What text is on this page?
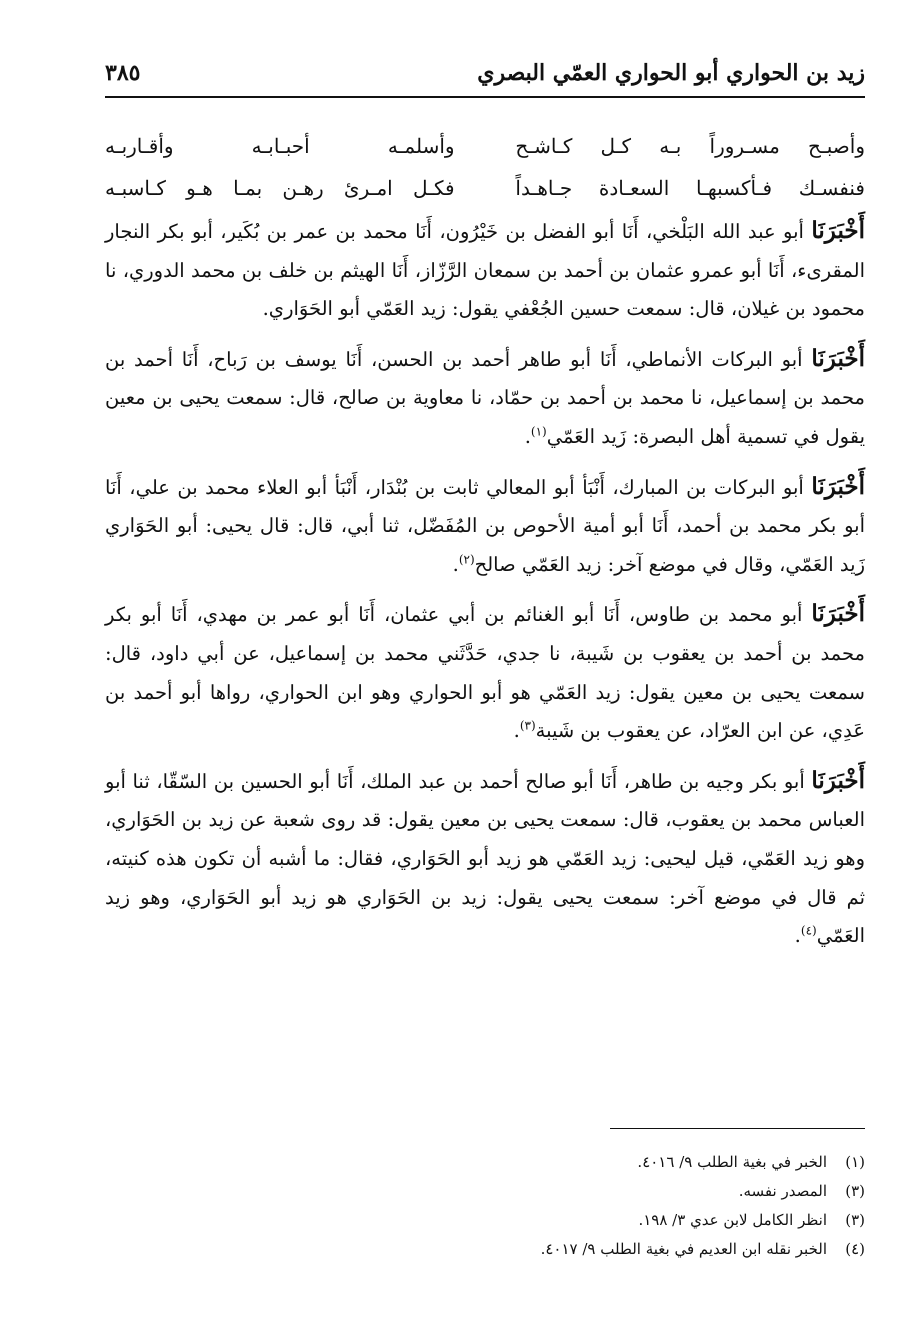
زيد بن الحواري أبو الحواري العمّي البصري
٣٨٥
وأصبـح مسـروراً بـه كـل كـاشـح
وأسلمـه أحبـابـه وأقـاربـه
فنفسـك فـأكسبهـا السعـادة جـاهـداً
فكـل امـرئ رهـن بمـا هـو كـاسبـه

أَخْبَرَنَا أبو عبد الله البَلْخي، أَنَا أبو الفضل بن خَيْرُون، أَنَا محمد بن عمر بن بُكَير، أبو بكر النجار المقرىء، أَنَا أبو عمرو عثمان بن أحمد بن سمعان الرَّزّاز، أَنَا الهيثم بن خلف بن محمد الدوري، نا محمود بن غيلان، قال: سمعت حسين الجُعْفي يقول: زيد العَمّي أبو الحَوَاري.

أَخْبَرَنَا أبو البركات الأنماطي، أَنَا أبو طاهر أحمد بن الحسن، أَنَا يوسف بن رَباح، أَنَا أحمد بن محمد بن إسماعيل، نا محمد بن أحمد بن حمّاد، نا معاوية بن صالح، قال: سمعت يحيى بن معين يقول في تسمية أهل البصرة: زَيد العَمّي$^{(١)}$.

أَخْبَرَنَا أبو البركات بن المبارك، أَنْبَأ أبو المعالي ثابت بن بُنْدَار، أَنْبَأ أبو العلاء محمد بن علي، أَنَا أبو بكر محمد بن أحمد، أَنَا أبو أمية الأحوص بن المُفَضّل، ثنا أبي، قال: قال يحيى: أبو الحَوَاري زَيد العَمّي، وقال في موضع آخر: زيد العَمّي صالح$^{(٢)}$.

أَخْبَرَنَا أبو محمد بن طاوس، أَنَا أبو الغنائم بن أبي عثمان، أَنَا أبو عمر بن مهدي، أَنَا أبو بكر محمد بن أحمد بن يعقوب بن شَيبة، نا جدي، حَدَّثَني محمد بن إسماعيل، عن أبي داود، قال: سمعت يحيى بن معين يقول: زيد العَمّي هو أبو الحواري وهو ابن الحواري، رواها أبو أحمد بن عَدِي، عن ابن العرّاد، عن يعقوب بن شَيبة$^{(٣)}$.

أَخْبَرَنَا أبو بكر وجيه بن طاهر، أَنَا أبو صالح أحمد بن عبد الملك، أَنَا أبو الحسين بن السّقّا، ثنا أبو العباس محمد بن يعقوب، قال: سمعت يحيى بن معين يقول: قد روى شعبة عن زيد بن الحَوَاري، وهو زيد العَمّي، قيل ليحيى: زيد العَمّي هو زيد أبو الحَوَاري، فقال: ما أشبه أن تكون هذه كنيته، ثم قال في موضع آخر: سمعت يحيى يقول: زيد بن الحَوَاري هو زيد أبو الحَوَاري، وهو زيد العَمّي$^{(٤)}$.

(١)الخبر في بغية الطلب ٩/ ٤٠١٦.
(٣)المصدر نفسه.
(٣)انظر الكامل لابن عدي ٣/ ١٩٨.
(٤)الخبر نقله ابن العديم في بغية الطلب ٩/ ٤٠١٧.
